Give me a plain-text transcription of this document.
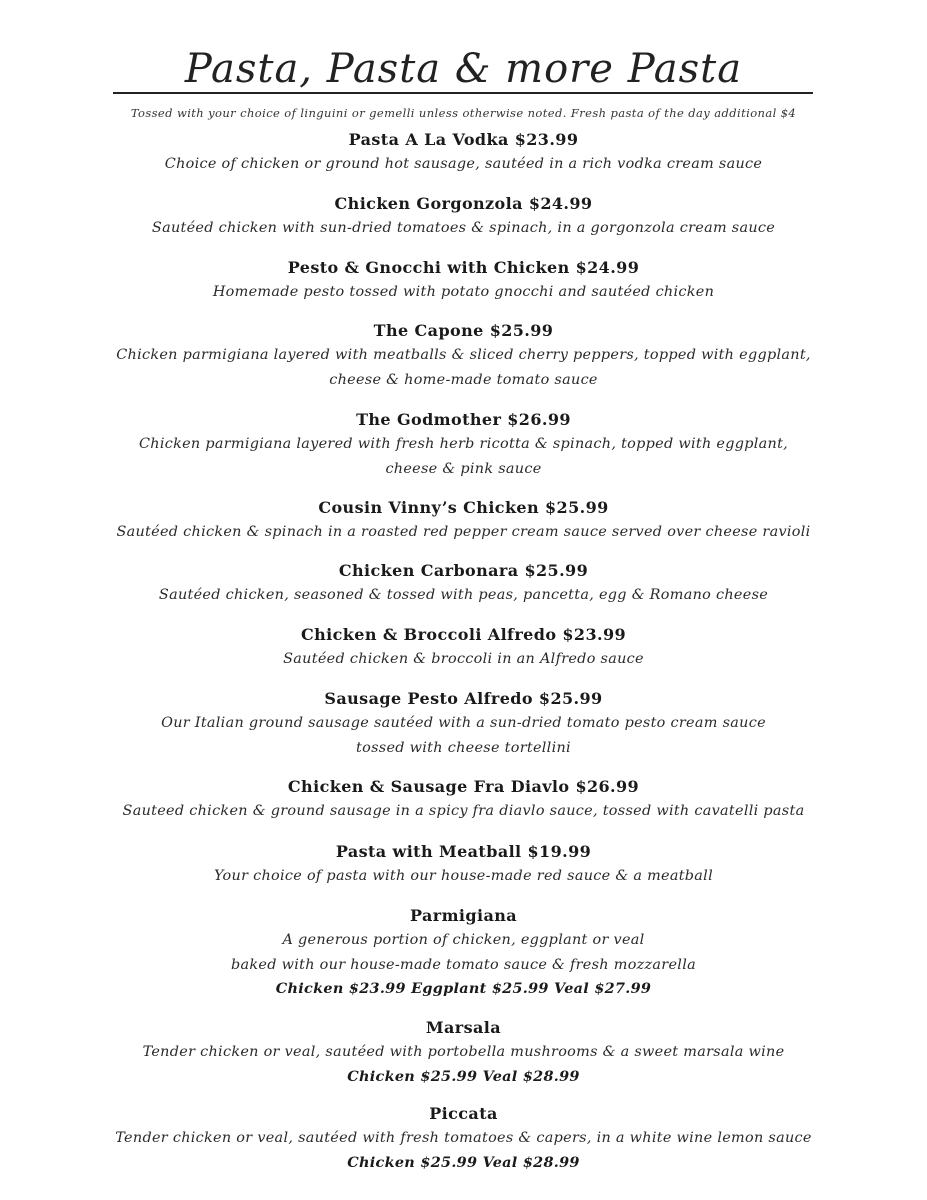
Pasta, Pasta & more Pasta
Tossed with your choice of linguini or gemelli unless otherwise noted. Fresh pasta of the day additional $4
Pasta A La Vodka $23.99
Choice of chicken or ground hot sausage, sautéed in a rich vodka cream sauce
Chicken Gorgonzola $24.99
Sautéed chicken with sun-dried tomatoes & spinach, in a gorgonzola cream sauce
Pesto & Gnocchi with Chicken $24.99
Homemade pesto tossed with potato gnocchi and sautéed chicken
The Capone $25.99
Chicken parmigiana layered with meatballs & sliced cherry peppers, topped with eggplant,
cheese & home-made tomato sauce
The Godmother $26.99
Chicken parmigiana layered with fresh herb ricotta & spinach, topped with eggplant,
cheese & pink sauce
Cousin Vinny’s Chicken $25.99
Sautéed chicken & spinach in a roasted red pepper cream sauce served over cheese ravioli
Chicken Carbonara $25.99
Sautéed chicken, seasoned & tossed with peas, pancetta, egg & Romano cheese
Chicken & Broccoli Alfredo $23.99
Sautéed chicken & broccoli in an Alfredo sauce
Sausage Pesto Alfredo $25.99
Our Italian ground sausage sautéed with a sun-dried tomato pesto cream sauce
tossed with cheese tortellini
Chicken & Sausage Fra Diavlo $26.99
Sauteed chicken & ground sausage in a spicy fra diavlo sauce, tossed with cavatelli pasta
Pasta with Meatball $19.99
Your choice of pasta with our house-made red sauce & a meatball
Parmigiana
A generous portion of chicken, eggplant or veal
baked with our house-made tomato sauce & fresh mozzarella
Chicken $23.99 Eggplant $25.99 Veal $27.99
Marsala
Tender chicken or veal, sautéed with portobella mushrooms & a sweet marsala wine
Chicken $25.99 Veal $28.99
Piccata
Tender chicken or veal, sautéed with fresh tomatoes & capers, in a white wine lemon sauce
Chicken $25.99 Veal $28.99
